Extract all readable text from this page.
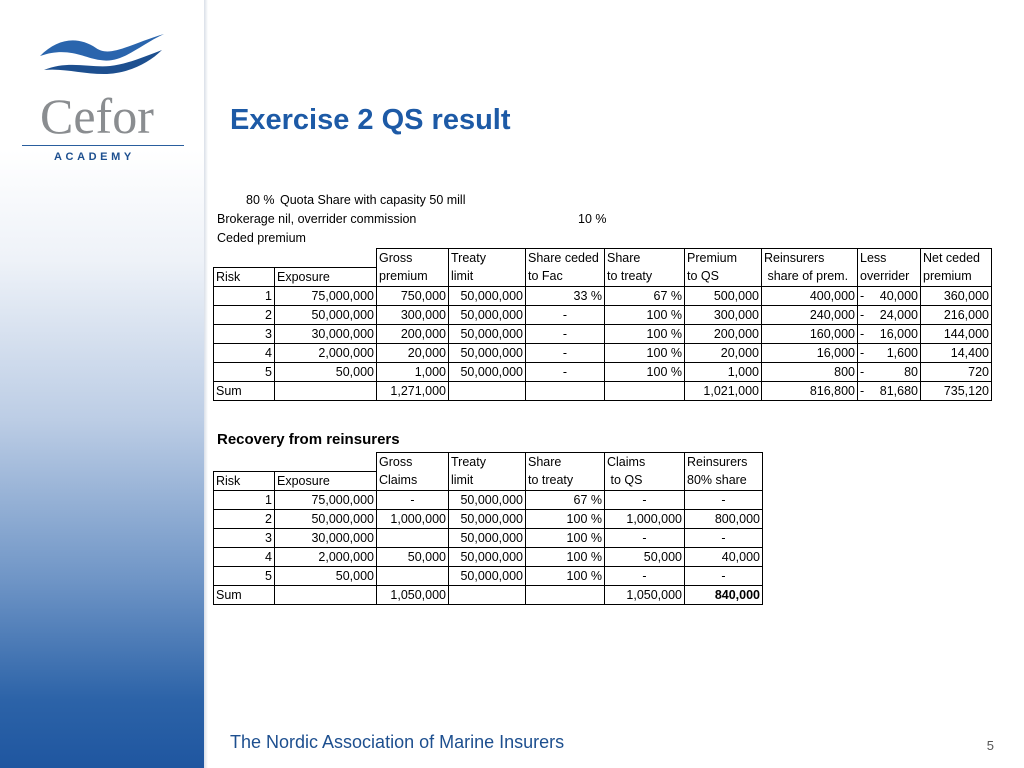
Cefor
ACADEMY
Exercise 2 QS result
80 % Quota Share with capasity 50 mill
Brokerage nil, overrider commission	10 %
Ceded premium
		Gross	Treaty	Share ceded	Share	Premium	Reinsurers	Less	Net ceded
Risk	Exposure	premium	limit	to Fac	to treaty	to QS	share of prem.	overrider	premium
1	75,000,000	750,000	50,000,000	33 %	67 %	500,000	400,000	- 40,000	360,000
2	50,000,000	300,000	50,000,000	-	100 %	300,000	240,000	- 24,000	216,000
3	30,000,000	200,000	50,000,000	-	100 %	200,000	160,000	- 16,000	144,000
4	2,000,000	20,000	50,000,000	-	100 %	20,000	16,000	- 1,600	14,400
5	50,000	1,000	50,000,000	-	100 %	1,000	800	- 80	720
Sum		1,271,000				1,021,000	816,800	- 81,680	735,120
Recovery from reinsurers
		Gross	Treaty	Share	Claims	Reinsurers
Risk	Exposure	Claims	limit	to treaty	to QS	80% share
1	75,000,000	-	50,000,000	67 %	-	-
2	50,000,000	1,000,000	50,000,000	100 %	1,000,000	800,000
3	30,000,000		50,000,000	100 %	-	-
4	2,000,000	50,000	50,000,000	100 %	50,000	40,000
5	50,000		50,000,000	100 %	-	-
Sum		1,050,000			1,050,000	840,000
The Nordic Association of Marine Insurers	5
